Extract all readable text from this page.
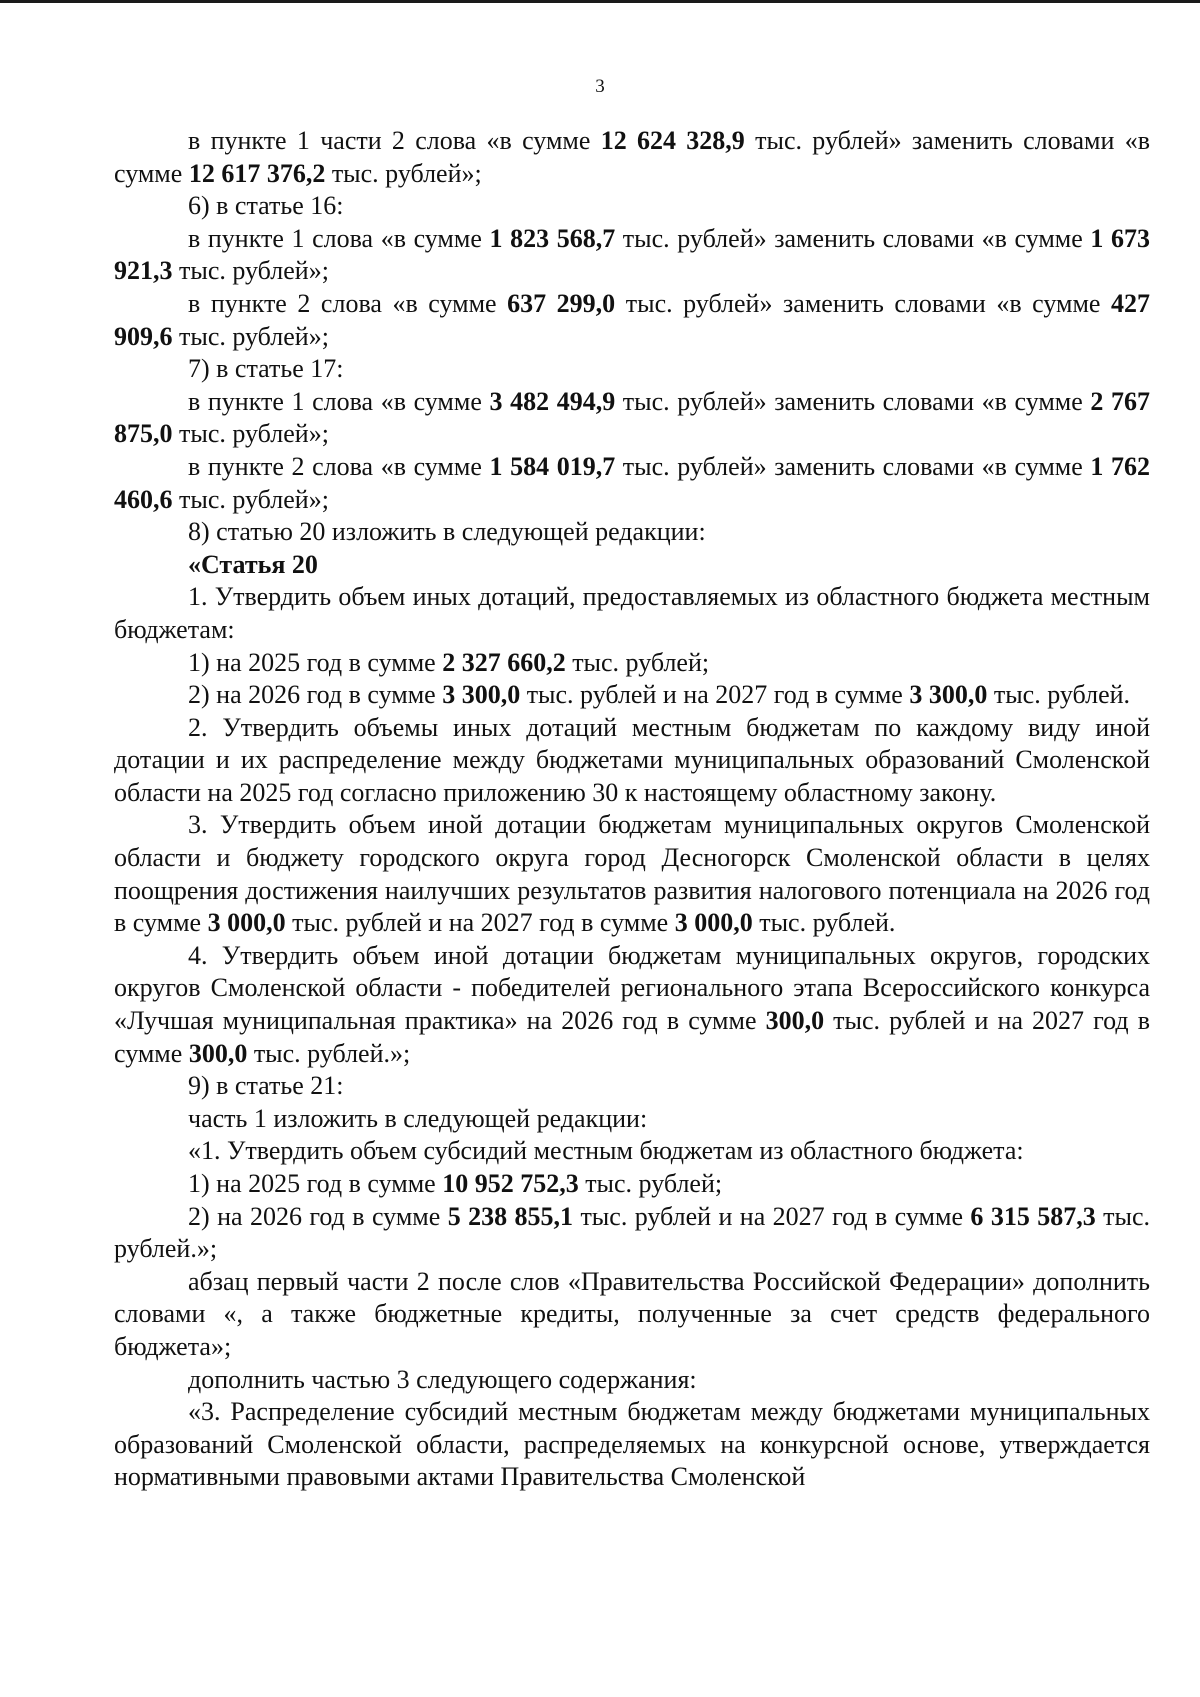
3

в пункте 1 части 2 слова «в сумме 12 624 328,9 тыс. рублей» заменить словами «в сумме 12 617 376,2 тыс. рублей»;

6) в статье 16:

в пункте 1 слова «в сумме 1 823 568,7 тыс. рублей» заменить словами «в сумме 1 673 921,3 тыс. рублей»;

в пункте 2 слова «в сумме 637 299,0 тыс. рублей» заменить словами «в сумме 427 909,6 тыс. рублей»;

7) в статье 17:

в пункте 1 слова «в сумме 3 482 494,9 тыс. рублей» заменить словами «в сумме 2 767 875,0 тыс. рублей»;

в пункте 2 слова «в сумме 1 584 019,7 тыс. рублей» заменить словами «в сумме 1 762 460,6 тыс. рублей»;

8) статью 20 изложить в следующей редакции:

«Статья 20

1. Утвердить объем иных дотаций, предоставляемых из областного бюджета местным бюджетам:

1) на 2025 год в сумме 2 327 660,2 тыс. рублей;

2) на 2026 год в сумме 3 300,0 тыс. рублей и на 2027 год в сумме 3 300,0 тыс. рублей.

2. Утвердить объемы иных дотаций местным бюджетам по каждому виду иной дотации и их распределение между бюджетами муниципальных образований Смоленской области на 2025 год согласно приложению 30 к настоящему областному закону.

3. Утвердить объем иной дотации бюджетам муниципальных округов Смоленской области и бюджету городского округа город Десногорск Смоленской области в целях поощрения достижения наилучших результатов развития налогового потенциала на 2026 год в сумме 3 000,0 тыс. рублей и на 2027 год в сумме 3 000,0 тыс. рублей.

4. Утвердить объем иной дотации бюджетам муниципальных округов, городских округов Смоленской области - победителей регионального этапа Всероссийского конкурса «Лучшая муниципальная практика» на 2026 год в сумме 300,0 тыс. рублей и на 2027 год в сумме 300,0 тыс. рублей.»;

9) в статье 21:

часть 1 изложить в следующей редакции:

«1. Утвердить объем субсидий местным бюджетам из областного бюджета:

1) на 2025 год в сумме 10 952 752,3 тыс. рублей;

2) на 2026 год в сумме 5 238 855,1 тыс. рублей и на 2027 год в сумме 6 315 587,3 тыс. рублей.»;

абзац первый части 2 после слов «Правительства Российской Федерации» дополнить словами «, а также бюджетные кредиты, полученные за счет средств федерального бюджета»;

дополнить частью 3 следующего содержания:

«3. Распределение субсидий местным бюджетам между бюджетами муниципальных образований Смоленской области, распределяемых на конкурсной основе, утверждается нормативными правовыми актами Правительства Смоленской
